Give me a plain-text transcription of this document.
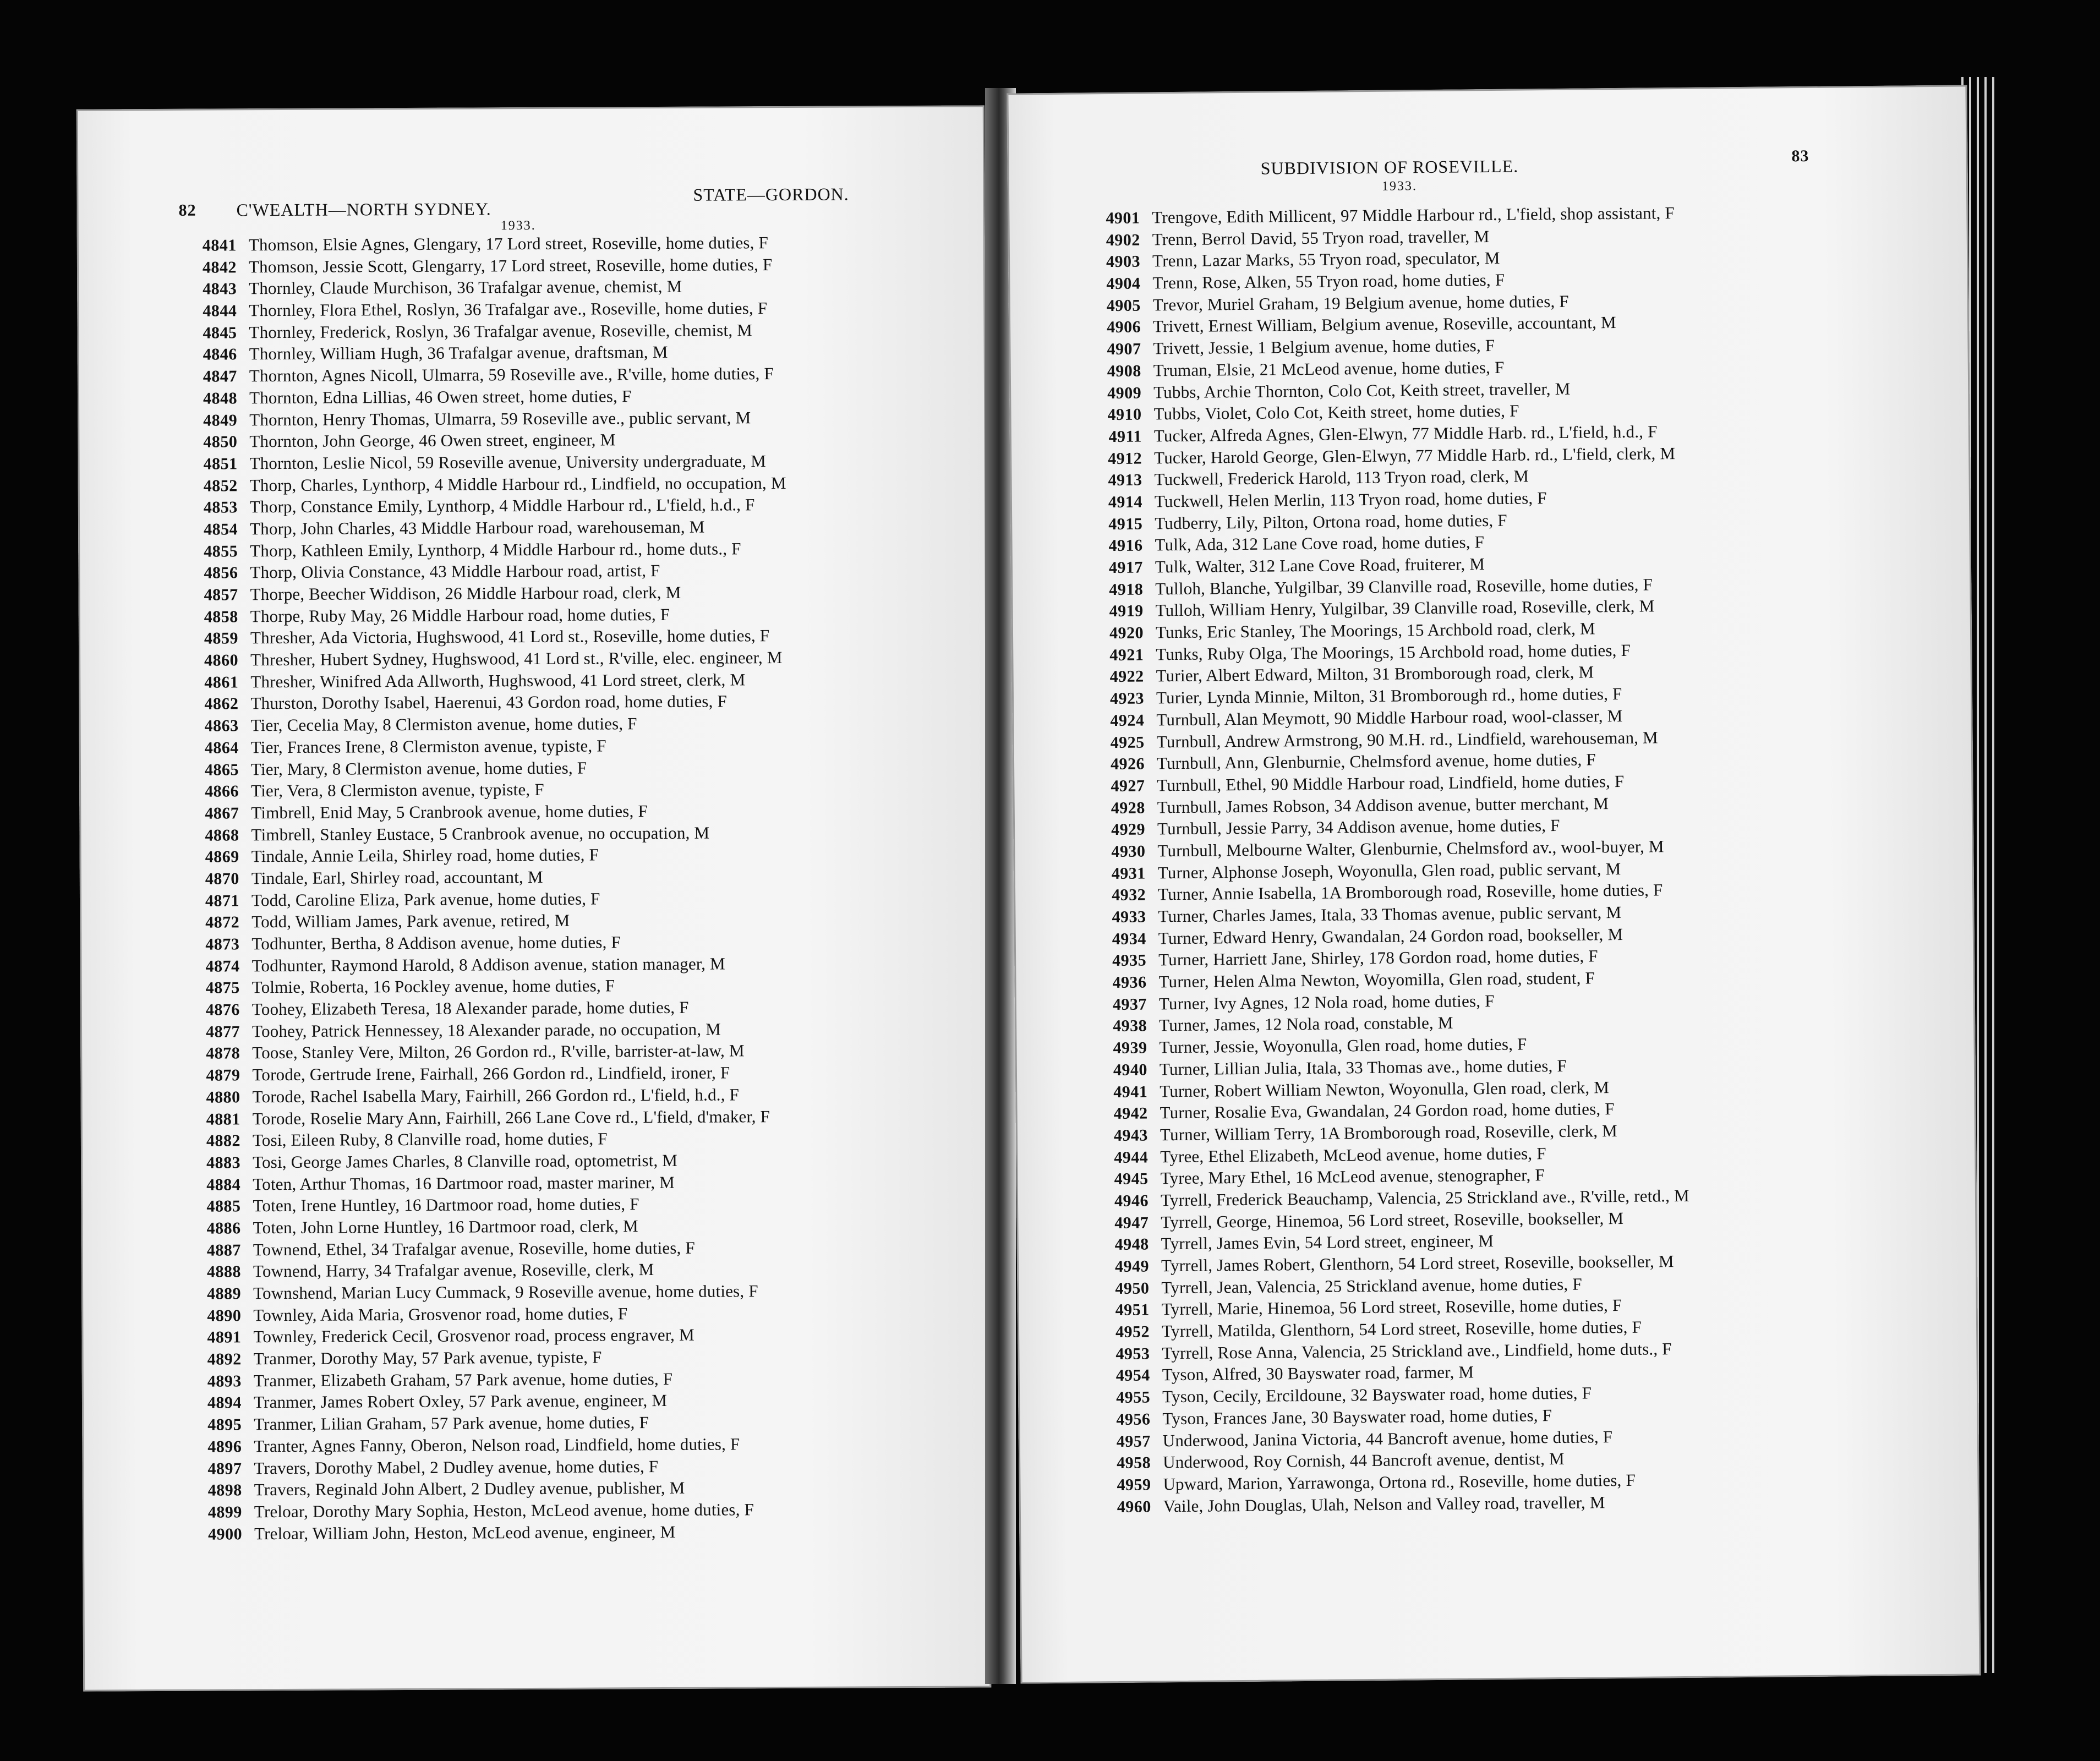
82 C'WEALTH—NORTH SYDNEY.
STATE—GORDON.
1933.
4841 Thomson, Elsie Agnes, Glengary, 17 Lord street, Roseville, home duties, F
4842 Thomson, Jessie Scott, Glengarry, 17 Lord street, Roseville, home duties, F
4843 Thornley, Claude Murchison, 36 Trafalgar avenue, chemist, M
4844 Thornley, Flora Ethel, Roslyn, 36 Trafalgar ave., Roseville, home duties, F
4845 Thornley, Frederick, Roslyn, 36 Trafalgar avenue, Roseville, chemist, M
4846 Thornley, William Hugh, 36 Trafalgar avenue, draftsman, M
4847 Thornton, Agnes Nicoll, Ulmarra, 59 Roseville ave., R'ville, home duties, F
4848 Thornton, Edna Lillias, 46 Owen street, home duties, F
4849 Thornton, Henry Thomas, Ulmarra, 59 Roseville ave., public servant, M
4850 Thornton, John George, 46 Owen street, engineer, M
4851 Thornton, Leslie Nicol, 59 Roseville avenue, University undergraduate, M
4852 Thorp, Charles, Lynthorp, 4 Middle Harbour rd., Lindfield, no occupation, M
4853 Thorp, Constance Emily, Lynthorp, 4 Middle Harbour rd., L'field, h.d., F
4854 Thorp, John Charles, 43 Middle Harbour road, warehouseman, M
4855 Thorp, Kathleen Emily, Lynthorp, 4 Middle Harbour rd., home duts., F
4856 Thorp, Olivia Constance, 43 Middle Harbour road, artist, F
4857 Thorpe, Beecher Widdison, 26 Middle Harbour road, clerk, M
4858 Thorpe, Ruby May, 26 Middle Harbour road, home duties, F
4859 Thresher, Ada Victoria, Hughswood, 41 Lord st., Roseville, home duties, F
4860 Thresher, Hubert Sydney, Hughswood, 41 Lord st., R'ville, elec. engineer, M
4861 Thresher, Winifred Ada Allworth, Hughswood, 41 Lord street, clerk, M
4862 Thurston, Dorothy Isabel, Haerenui, 43 Gordon road, home duties, F
4863 Tier, Cecelia May, 8 Clermiston avenue, home duties, F
4864 Tier, Frances Irene, 8 Clermiston avenue, typiste, F
4865 Tier, Mary, 8 Clermiston avenue, home duties, F
4866 Tier, Vera, 8 Clermiston avenue, typiste, F
4867 Timbrell, Enid May, 5 Cranbrook avenue, home duties, F
4868 Timbrell, Stanley Eustace, 5 Cranbrook avenue, no occupation, M
4869 Tindale, Annie Leila, Shirley road, home duties, F
4870 Tindale, Earl, Shirley road, accountant, M
4871 Todd, Caroline Eliza, Park avenue, home duties, F
4872 Todd, William James, Park avenue, retired, M
4873 Todhunter, Bertha, 8 Addison avenue, home duties, F
4874 Todhunter, Raymond Harold, 8 Addison avenue, station manager, M
4875 Tolmie, Roberta, 16 Pockley avenue, home duties, F
4876 Toohey, Elizabeth Teresa, 18 Alexander parade, home duties, F
4877 Toohey, Patrick Hennessey, 18 Alexander parade, no occupation, M
4878 Toose, Stanley Vere, Milton, 26 Gordon rd., R'ville, barrister-at-law, M
4879 Torode, Gertrude Irene, Fairhall, 266 Gordon rd., Lindfield, ironer, F
4880 Torode, Rachel Isabella Mary, Fairhill, 266 Gordon rd., L'field, h.d., F
4881 Torode, Roselie Mary Ann, Fairhill, 266 Lane Cove rd., L'field, d'maker, F
4882 Tosi, Eileen Ruby, 8 Clanville road, home duties, F
4883 Tosi, George James Charles, 8 Clanville road, optometrist, M
4884 Toten, Arthur Thomas, 16 Dartmoor road, master mariner, M
4885 Toten, Irene Huntley, 16 Dartmoor road, home duties, F
4886 Toten, John Lorne Huntley, 16 Dartmoor road, clerk, M
4887 Townend, Ethel, 34 Trafalgar avenue, Roseville, home duties, F
4888 Townend, Harry, 34 Trafalgar avenue, Roseville, clerk, M
4889 Townshend, Marian Lucy Cummack, 9 Roseville avenue, home duties, F
4890 Townley, Aida Maria, Grosvenor road, home duties, F
4891 Townley, Frederick Cecil, Grosvenor road, process engraver, M
4892 Tranmer, Dorothy May, 57 Park avenue, typiste, F
4893 Tranmer, Elizabeth Graham, 57 Park avenue, home duties, F
4894 Tranmer, James Robert Oxley, 57 Park avenue, engineer, M
4895 Tranmer, Lilian Graham, 57 Park avenue, home duties, F
4896 Tranter, Agnes Fanny, Oberon, Nelson road, Lindfield, home duties, F
4897 Travers, Dorothy Mabel, 2 Dudley avenue, home duties, F
4898 Travers, Reginald John Albert, 2 Dudley avenue, publisher, M
4899 Treloar, Dorothy Mary Sophia, Heston, McLeod avenue, home duties, F
4900 Treloar, William John, Heston, McLeod avenue, engineer, M
SUBDIVISION OF ROSEVILLE.	83
1933.
4901 Trengove, Edith Millicent, 97 Middle Harbour rd., L'field, shop assistant, F
4902 Trenn, Berrol David, 55 Tryon road, traveller, M
4903 Trenn, Lazar Marks, 55 Tryon road, speculator, M
4904 Trenn, Rose, Alken, 55 Tryon road, home duties, F
4905 Trevor, Muriel Graham, 19 Belgium avenue, home duties, F
4906 Trivett, Ernest William, Belgium avenue, Roseville, accountant, M
4907 Trivett, Jessie, 1 Belgium avenue, home duties, F
4908 Truman, Elsie, 21 McLeod avenue, home duties, F
4909 Tubbs, Archie Thornton, Colo Cot, Keith street, traveller, M
4910 Tubbs, Violet, Colo Cot, Keith street, home duties, F
4911 Tucker, Alfreda Agnes, Glen-Elwyn, 77 Middle Harb. rd., L'field, h.d., F
4912 Tucker, Harold George, Glen-Elwyn, 77 Middle Harb. rd., L'field, clerk, M
4913 Tuckwell, Frederick Harold, 113 Tryon road, clerk, M
4914 Tuckwell, Helen Merlin, 113 Tryon road, home duties, F
4915 Tudberry, Lily, Pilton, Ortona road, home duties, F
4916 Tulk, Ada, 312 Lane Cove road, home duties, F
4917 Tulk, Walter, 312 Lane Cove Road, fruiterer, M
4918 Tulloh, Blanche, Yulgilbar, 39 Clanville road, Roseville, home duties, F
4919 Tulloh, William Henry, Yulgilbar, 39 Clanville road, Roseville, clerk, M
4920 Tunks, Eric Stanley, The Moorings, 15 Archbold road, clerk, M
4921 Tunks, Ruby Olga, The Moorings, 15 Archbold road, home duties, F
4922 Turier, Albert Edward, Milton, 31 Bromborough road, clerk, M
4923 Turier, Lynda Minnie, Milton, 31 Bromborough rd., home duties, F
4924 Turnbull, Alan Meymott, 90 Middle Harbour road, wool-classer, M
4925 Turnbull, Andrew Armstrong, 90 M.H. rd., Lindfield, warehouseman, M
4926 Turnbull, Ann, Glenburnie, Chelmsford avenue, home duties, F
4927 Turnbull, Ethel, 90 Middle Harbour road, Lindfield, home duties, F
4928 Turnbull, James Robson, 34 Addison avenue, butter merchant, M
4929 Turnbull, Jessie Parry, 34 Addison avenue, home duties, F
4930 Turnbull, Melbourne Walter, Glenburnie, Chelmsford av., wool-buyer, M
4931 Turner, Alphonse Joseph, Woyonulla, Glen road, public servant, M
4932 Turner, Annie Isabella, 1A Bromborough road, Roseville, home duties, F
4933 Turner, Charles James, Itala, 33 Thomas avenue, public servant, M
4934 Turner, Edward Henry, Gwandalan, 24 Gordon road, bookseller, M
4935 Turner, Harriett Jane, Shirley, 178 Gordon road, home duties, F
4936 Turner, Helen Alma Newton, Woyomilla, Glen road, student, F
4937 Turner, Ivy Agnes, 12 Nola road, home duties, F
4938 Turner, James, 12 Nola road, constable, M
4939 Turner, Jessie, Woyonulla, Glen road, home duties, F
4940 Turner, Lillian Julia, Itala, 33 Thomas ave., home duties, F
4941 Turner, Robert William Newton, Woyonulla, Glen road, clerk, M
4942 Turner, Rosalie Eva, Gwandalan, 24 Gordon road, home duties, F
4943 Turner, William Terry, 1A Bromborough road, Roseville, clerk, M
4944 Tyree, Ethel Elizabeth, McLeod avenue, home duties, F
4945 Tyree, Mary Ethel, 16 McLeod avenue, stenographer, F
4946 Tyrrell, Frederick Beauchamp, Valencia, 25 Strickland ave., R'ville, retd., M
4947 Tyrrell, George, Hinemoa, 56 Lord street, Roseville, bookseller, M
4948 Tyrrell, James Evin, 54 Lord street, engineer, M
4949 Tyrrell, James Robert, Glenthorn, 54 Lord street, Roseville, bookseller, M
4950 Tyrrell, Jean, Valencia, 25 Strickland avenue, home duties, F
4951 Tyrrell, Marie, Hinemoa, 56 Lord street, Roseville, home duties, F
4952 Tyrrell, Matilda, Glenthorn, 54 Lord street, Roseville, home duties, F
4953 Tyrrell, Rose Anna, Valencia, 25 Strickland ave., Lindfield, home duts., F
4954 Tyson, Alfred, 30 Bayswater road, farmer, M
4955 Tyson, Cecily, Ercildoune, 32 Bayswater road, home duties, F
4956 Tyson, Frances Jane, 30 Bayswater road, home duties, F
4957 Underwood, Janina Victoria, 44 Bancroft avenue, home duties, F
4958 Underwood, Roy Cornish, 44 Bancroft avenue, dentist, M
4959 Upward, Marion, Yarrawonga, Ortona rd., Roseville, home duties, F
4960 Vaile, John Douglas, Ulah, Nelson and Valley road, traveller, M
